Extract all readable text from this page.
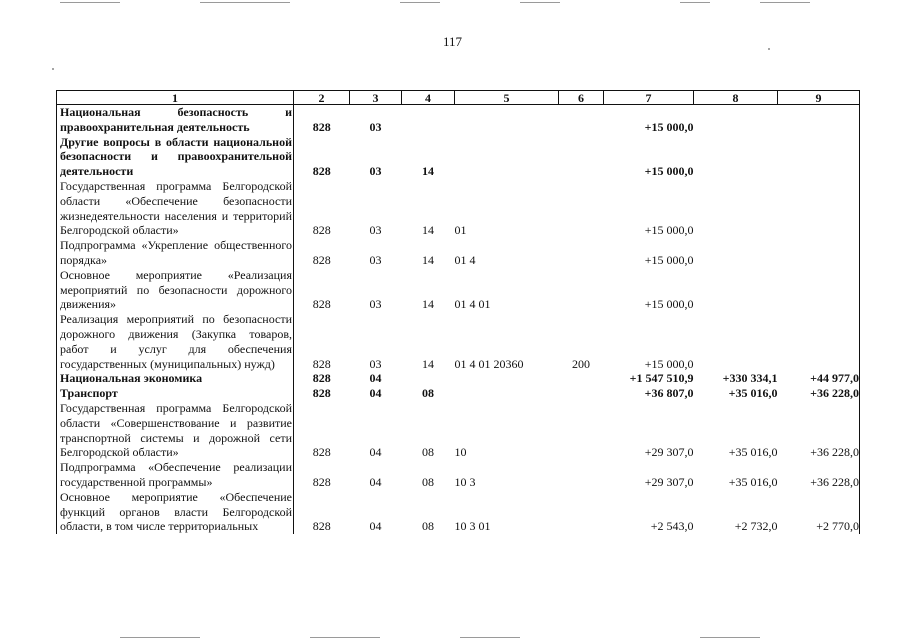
117
1	2	3	4	5	6	7	8	9
Национальная безопасность и правоохранительная деятельность	828	03				+15 000,0		
Другие вопросы в области национальной безопасности и правоохранительной деятельности	828	03	14			+15 000,0		
Государственная программа Белгородской области «Обеспечение безопасности жизнедеятельности населения и территорий Белгородской области»	828	03	14	01		+15 000,0		
Подпрограмма «Укрепление общественного порядка»	828	03	14	01 4		+15 000,0		
Основное мероприятие «Реализация мероприятий по безопасности дорожного движения»	828	03	14	01 4 01		+15 000,0		
Реализация мероприятий по безопасности дорожного движения (Закупка товаров, работ и услуг для обеспечения государственных (муниципальных) нужд)	828	03	14	01 4 01 20360	200	+15 000,0		
Национальная экономика	828	04				+1 547 510,9	+330 334,1	+44 977,0
Транспорт	828	04	08			+36 807,0	+35 016,0	+36 228,0
Государственная программа Белгородской области «Совершенствование и развитие транспортной системы и дорожной сети Белгородской области»	828	04	08	10		+29 307,0	+35 016,0	+36 228,0
Подпрограмма «Обеспечение реализации государственной программы»	828	04	08	10 3		+29 307,0	+35 016,0	+36 228,0
Основное мероприятие «Обеспечение функций органов власти Белгородской области, в том числе территориальных	828	04	08	10 3 01		+2 543,0	+2 732,0	+2 770,0
